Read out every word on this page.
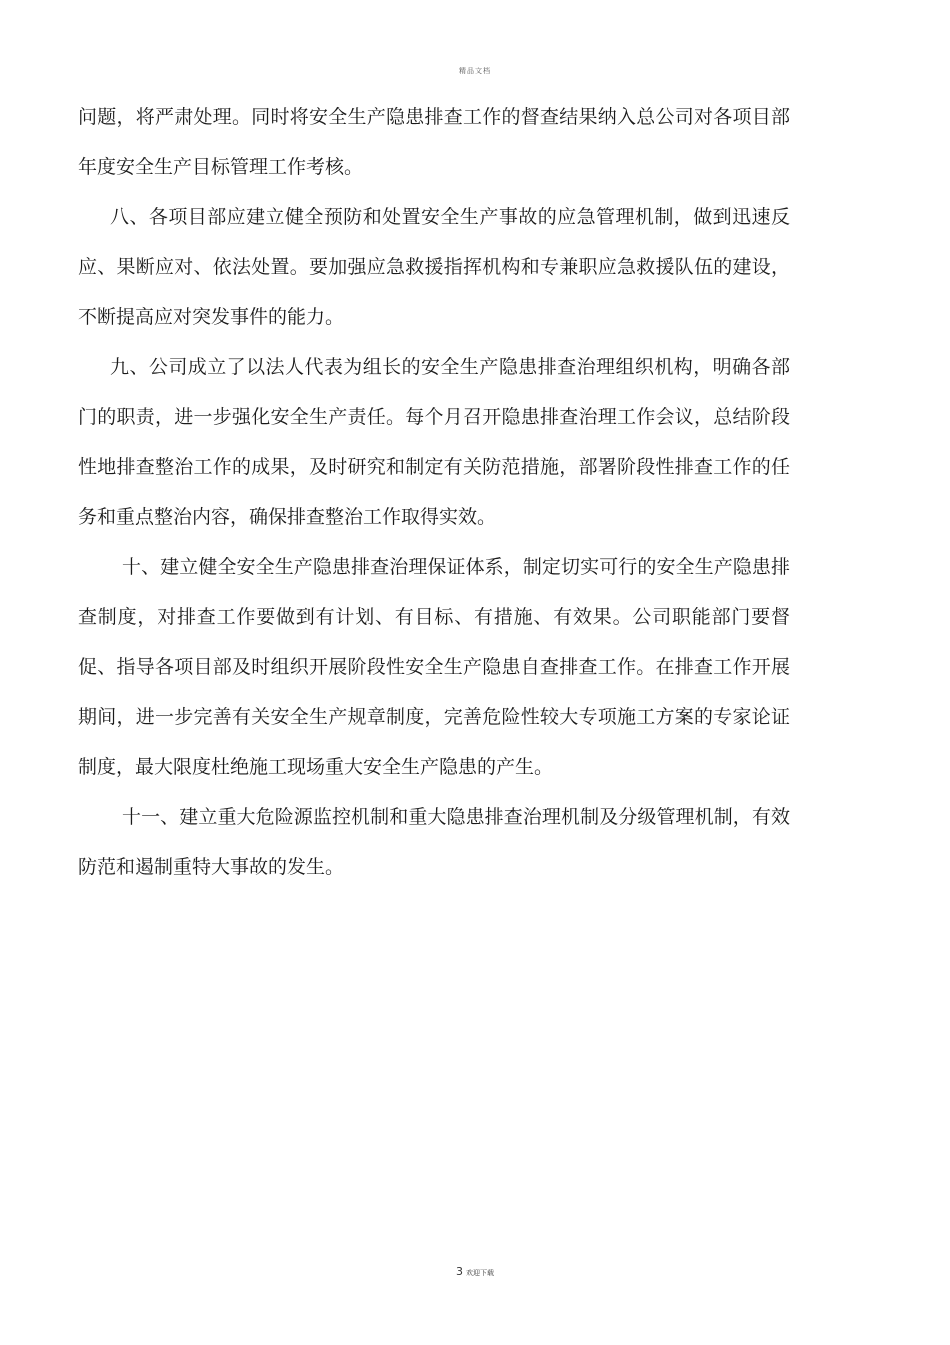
精品文档

问题，将严肃处理。同时将安全生产隐患排查工作的督查结果纳入总公司对各项目部年度安全生产目标管理工作考核。

八、各项目部应建立健全预防和处置安全生产事故的应急管理机制，做到迅速反应、果断应对、依法处置。要加强应急救援指挥机构和专兼职应急救援队伍的建设，不断提高应对突发事件的能力。

九、公司成立了以法人代表为组长的安全生产隐患排查治理组织机构，明确各部门的职责，进一步强化安全生产责任。每个月召开隐患排查治理工作会议，总结阶段性地排查整治工作的成果，及时研究和制定有关防范措施，部署阶段性排查工作的任务和重点整治内容，确保排查整治工作取得实效。

十、建立健全安全生产隐患排查治理保证体系，制定切实可行的安全生产隐患排查制度，对排查工作要做到有计划、有目标、有措施、有效果。公司职能部门要督促、指导各项目部及时组织开展阶段性安全生产隐患自查排查工作。在排查工作开展期间，进一步完善有关安全生产规章制度，完善危险性较大专项施工方案的专家论证制度，最大限度杜绝施工现场重大安全生产隐患的产生。

十一、建立重大危险源监控机制和重大隐患排查治理机制及分级管理机制，有效防范和遏制重特大事故的发生。

3 欢迎下载
